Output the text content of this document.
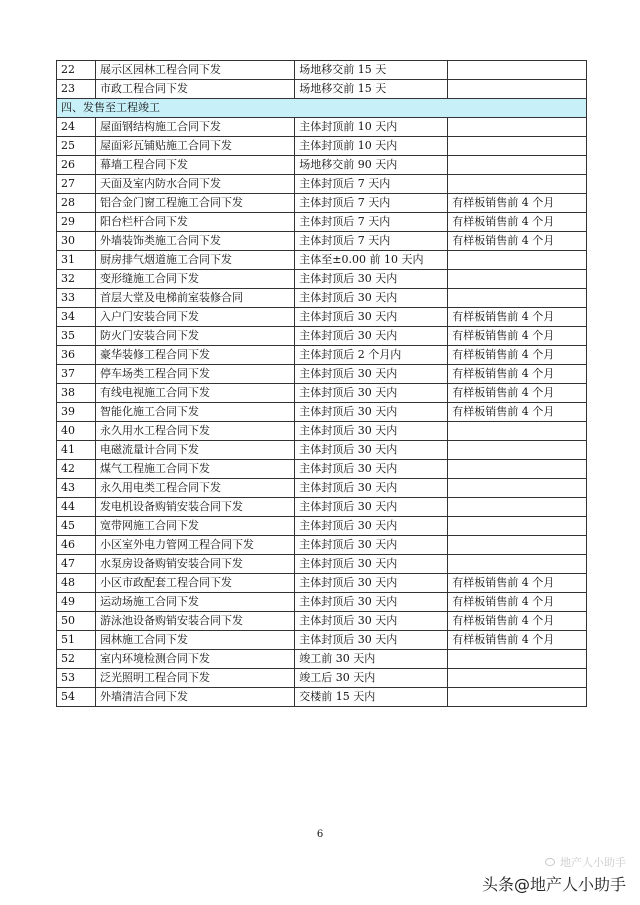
22	展示区园林工程合同下发	场地移交前 15 天	
23	市政工程合同下发	场地移交前 15 天	
四、发售至工程竣工			
24	屋面钢结构施工合同下发	主体封顶前 10 天内	
25	屋面彩瓦铺贴施工合同下发	主体封顶前 10 天内	
26	幕墙工程合同下发	场地移交前 90 天内	
27	天面及室内防水合同下发	主体封顶后 7 天内	
28	铝合金门窗工程施工合同下发	主体封顶后 7 天内	有样板销售前 4 个月
29	阳台栏杆合同下发	主体封顶后 7 天内	有样板销售前 4 个月
30	外墙装饰类施工合同下发	主体封顶后 7 天内	有样板销售前 4 个月
31	厨房排气烟道施工合同下发	主体至±0.00 前 10 天内	
32	变形缝施工合同下发	主体封顶后 30 天内	
33	首层大堂及电梯前室装修合同	主体封顶后 30 天内	
34	入户门安装合同下发	主体封顶后 30 天内	有样板销售前 4 个月
35	防火门安装合同下发	主体封顶后 30 天内	有样板销售前 4 个月
36	豪华装修工程合同下发	主体封顶后 2 个月内	有样板销售前 4 个月
37	停车场类工程合同下发	主体封顶后 30 天内	有样板销售前 4 个月
38	有线电视施工合同下发	主体封顶后 30 天内	有样板销售前 4 个月
39	智能化施工合同下发	主体封顶后 30 天内	有样板销售前 4 个月
40	永久用水工程合同下发	主体封顶后 30 天内	
41	电磁流量计合同下发	主体封顶后 30 天内	
42	煤气工程施工合同下发	主体封顶后 30 天内	
43	永久用电类工程合同下发	主体封顶后 30 天内	
44	发电机设备购销安装合同下发	主体封顶后 30 天内	
45	宽带网施工合同下发	主体封顶后 30 天内	
46	小区室外电力管网工程合同下发	主体封顶后 30 天内	
47	水泵房设备购销安装合同下发	主体封顶后 30 天内	
48	小区市政配套工程合同下发	主体封顶后 30 天内	有样板销售前 4 个月
49	运动场施工合同下发	主体封顶后 30 天内	有样板销售前 4 个月
50	游泳池设备购销安装合同下发	主体封顶后 30 天内	有样板销售前 4 个月
51	园林施工合同下发	主体封顶后 30 天内	有样板销售前 4 个月
52	室内环境检测合同下发	竣工前 30 天内	
53	泛光照明工程合同下发	竣工后 30 天内	
54	外墙清洁合同下发	交楼前 15 天内	
6
地产人小助手
头条 @地产人小助手
